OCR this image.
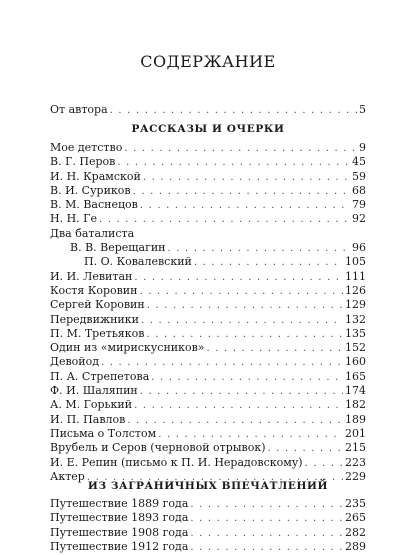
СОДЕРЖАНИЕ
От автора . . .	5
РАССКАЗЫ И ОЧЕРКИ
Мое детство . . .	9
В. Г. Перов . . .	45
И. Н. Крамской . . .	59
В. И. Суриков . . .	68
В. М. Васнецов . . .	79
Н. Н. Ге . . .	92
Два баталиста
В. В. Верещагин . . .	96
П. О. Ковалевский . . .	105
И. И. Левитан . . .	111
Костя Коровин . . .	126
Сергей Коровин . . .	129
Передвижники . . .	132
П. М. Третьяков . . .	135
Один из «мирискусников» . . .	152
Девойод . . .	160
П. А. Стрепетова . . .	165
Ф. И. Шаляпин . . .	174
А. М. Горький . . .	182
И. П. Павлов . . .	189
Письма о Толстом . . .	201
Врубель и Серов (черновой отрывок) . . .	215
И. Е. Репин (письмо к П. И. Нерадовскому) . . .	223
Актер . . .	229
ИЗ ЗАГРАНИЧНЫХ ВПЕЧАТЛЕНИЙ
Путешествие 1889 года . . .	235
Путешествие 1893 года . . .	265
Путешествие 1908 года . . .	282
Путешествие 1912 года . . .	289
